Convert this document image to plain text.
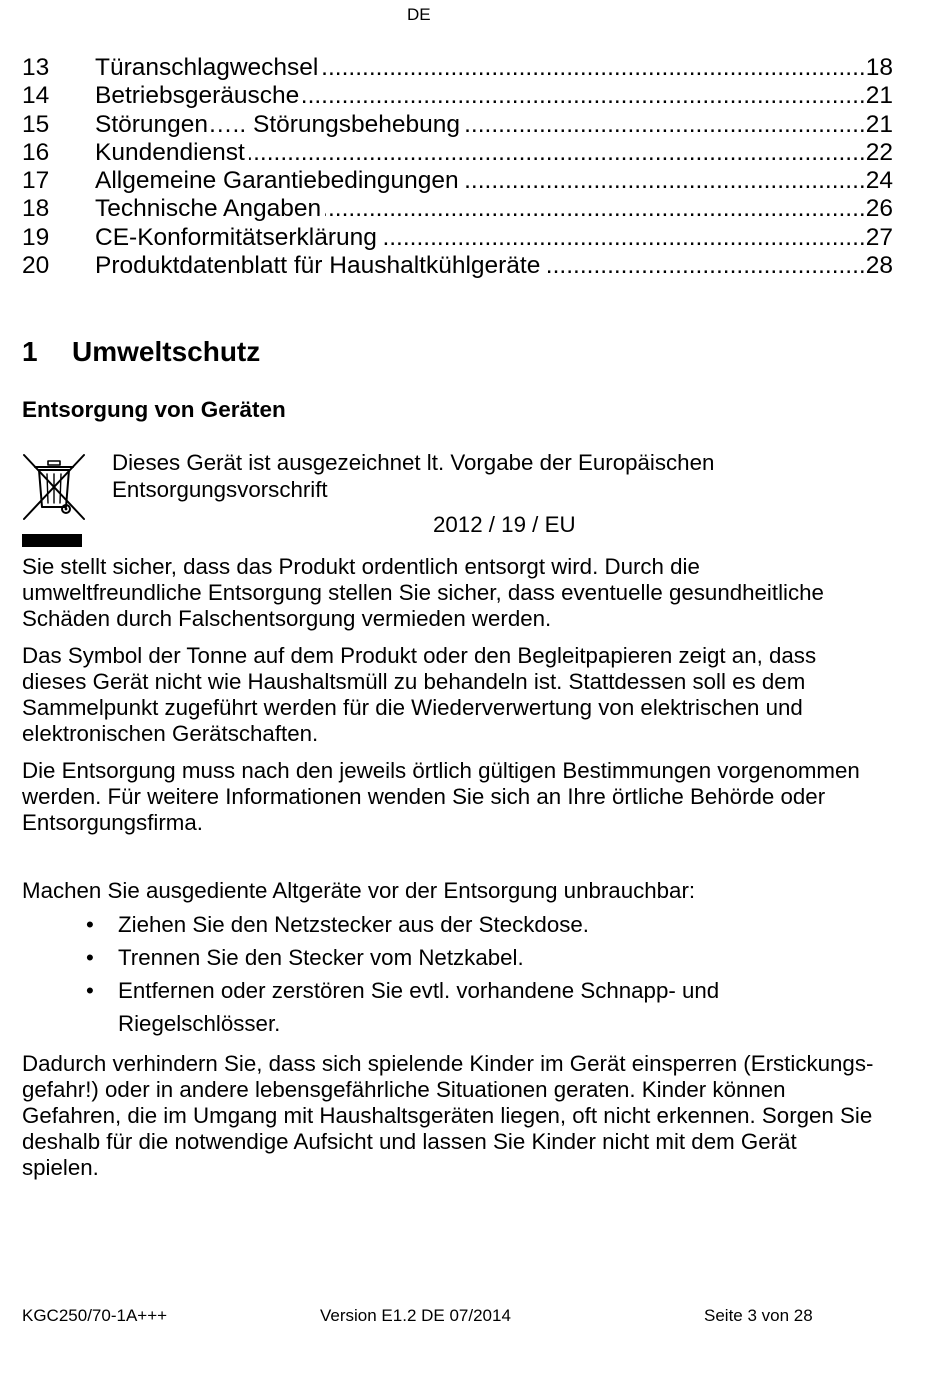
DE
13	Türanschlagwechsel .....	18
14	Betriebsgeräusche .....	21
15	Störungen….. Störungsbehebung .....	21
16	Kundendienst .....	22
17	Allgemeine Garantiebedingungen .....	24
18	Technische Angaben .....	26
19	CE-Konformitätserklärung .....	27
20	Produktdatenblatt für Haushaltkühlgeräte .....	28
1 Umweltschutz
Entsorgung von Geräten
Dieses Gerät ist ausgezeichnet lt. Vorgabe der Europäischen
Entsorgungsvorschrift
2012 / 19 / EU
Sie stellt sicher, dass das Produkt ordentlich entsorgt wird. Durch die
umweltfreundliche Entsorgung stellen Sie sicher, dass eventuelle gesundheitliche
Schäden durch Falschentsorgung vermieden werden.
Das Symbol der Tonne auf dem Produkt oder den Begleitpapieren zeigt an, dass
dieses Gerät nicht wie Haushaltsmüll zu behandeln ist. Stattdessen soll es dem
Sammelpunkt zugeführt werden für die Wiederverwertung von elektrischen und
elektronischen Gerätschaften.
Die Entsorgung muss nach den jeweils örtlich gültigen Bestimmungen vorgenommen
werden. Für weitere Informationen wenden Sie sich an Ihre örtliche Behörde oder
Entsorgungsfirma.
Machen Sie ausgediente Altgeräte vor der Entsorgung unbrauchbar:
• Ziehen Sie den Netzstecker aus der Steckdose.
• Trennen Sie den Stecker vom Netzkabel.
• Entfernen oder zerstören Sie evtl. vorhandene Schnapp- und
Riegelschlösser.
Dadurch verhindern Sie, dass sich spielende Kinder im Gerät einsperren (Erstickungs-
gefahr!) oder in andere lebensgefährliche Situationen geraten. Kinder können
Gefahren, die im Umgang mit Haushaltsgeräten liegen, oft nicht erkennen. Sorgen Sie
deshalb für die notwendige Aufsicht und lassen Sie Kinder nicht mit dem Gerät
spielen.
KGC250/70-1A+++	Version E1.2 DE 07/2014	Seite 3 von 28
